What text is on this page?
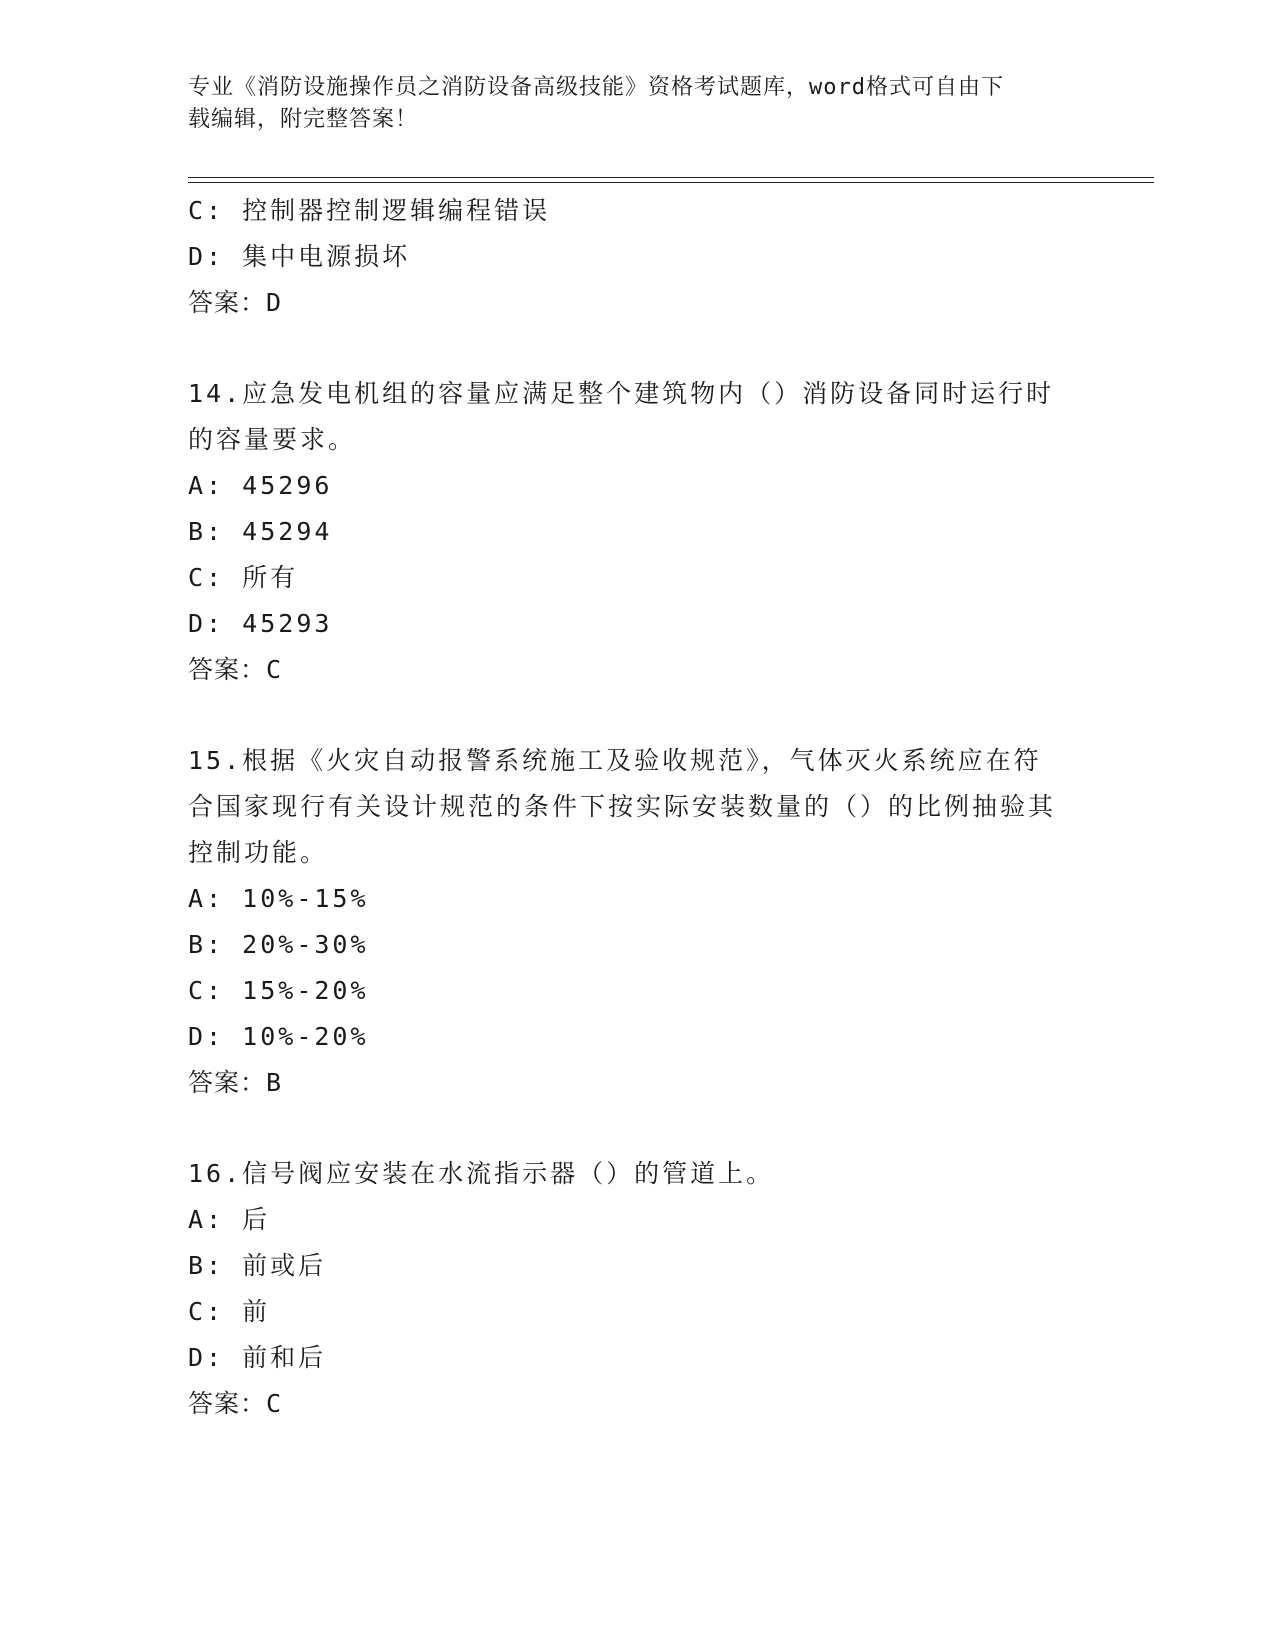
专业《消防设施操作员之消防设备高级技能》资格考试题库，word格式可自由下
载编辑，附完整答案！
C: 控制器控制逻辑编程错误
D: 集中电源损坏
答案：D
14.应急发电机组的容量应满足整个建筑物内（）消防设备同时运行时的容量要求。
A: 45296
B: 45294
C: 所有
D: 45293
答案：C
15.根据《火灾自动报警系统施工及验收规范》，气体灭火系统应在符合国家现行有关设计规范的条件下按实际安装数量的（）的比例抽验其控制功能。
A: 10%-15%
B: 20%-30%
C: 15%-20%
D: 10%-20%
答案：B
16.信号阀应安装在水流指示器（）的管道上。
A: 后
B: 前或后
C: 前
D: 前和后
答案：C
